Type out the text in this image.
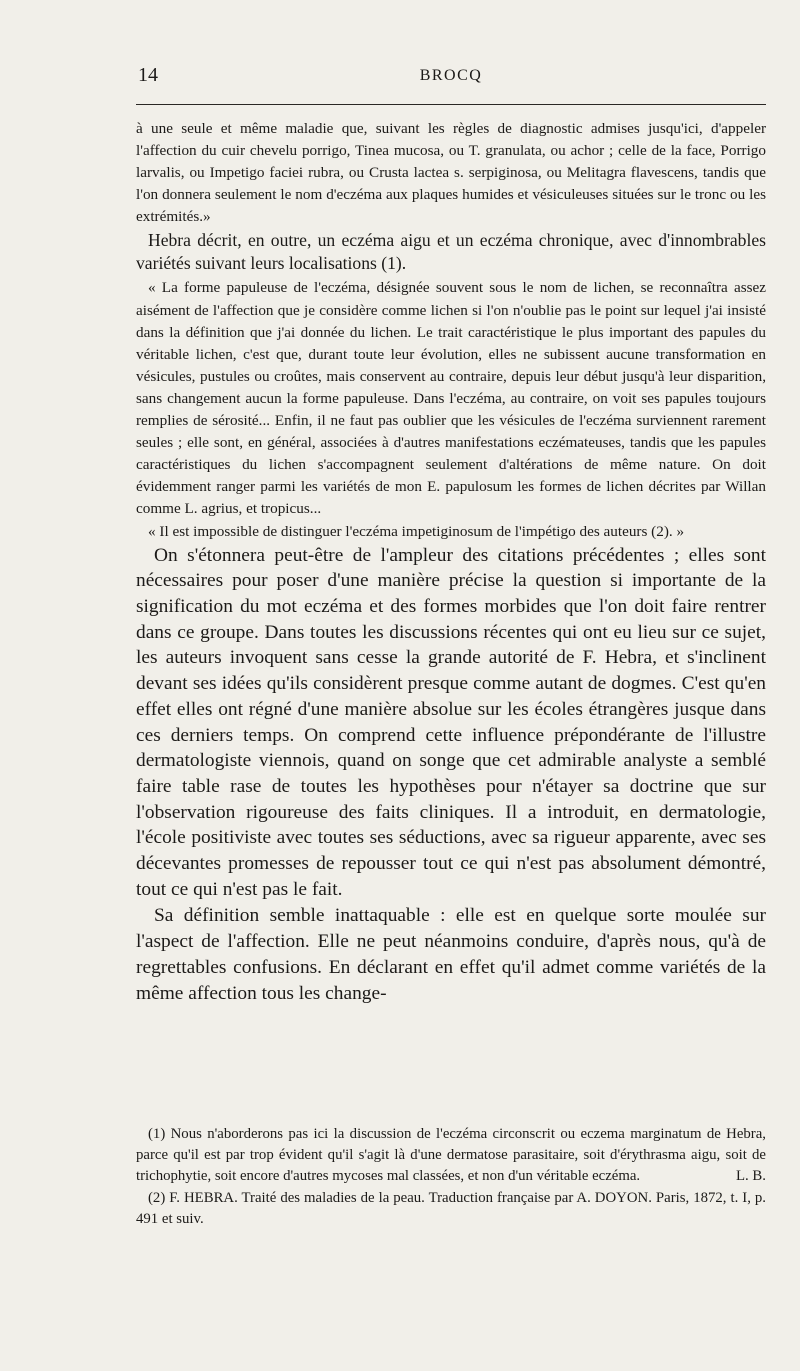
14	BROCQ

à une seule et même maladie que, suivant les règles de diagnostic admises jusqu'ici, d'appeler l'affection du cuir chevelu porrigo, Tinea mucosa, ou T. granulata, ou achor ; celle de la face, Porrigo larvalis, ou Impetigo faciei rubra, ou Crusta lactea s. serpiginosa, ou Melitagra flavescens, tandis que l'on donnera seulement le nom d'eczéma aux plaques humides et vésiculeuses situées sur le tronc ou les extrémités.»

Hebra décrit, en outre, un eczéma aigu et un eczéma chronique, avec d'innombrables variétés suivant leurs localisations (1).

« La forme papuleuse de l'eczéma, désignée souvent sous le nom de lichen, se reconnaîtra assez aisément de l'affection que je considère comme lichen si l'on n'oublie pas le point sur lequel j'ai insisté dans la définition que j'ai donnée du lichen. Le trait caractéristique le plus important des papules du véritable lichen, c'est que, durant toute leur évolution, elles ne subissent aucune transformation en vésicules, pustules ou croûtes, mais conservent au contraire, depuis leur début jusqu'à leur disparition, sans changement aucun la forme papuleuse. Dans l'eczéma, au contraire, on voit ses papules toujours remplies de sérosité... Enfin, il ne faut pas oublier que les vésicules de l'eczéma surviennent rarement seules ; elle sont, en général, associées à d'autres manifestations eczémateuses, tandis que les papules caractéristiques du lichen s'accompagnent seulement d'altérations de même nature. On doit évidemment ranger parmi les variétés de mon E. papulosum les formes de lichen décrites par Willan comme L. agrius, et tropicus...

« Il est impossible de distinguer l'eczéma impetiginosum de l'impétigo des auteurs (2). »

On s'étonnera peut-être de l'ampleur des citations précédentes ; elles sont nécessaires pour poser d'une manière précise la question si importante de la signification du mot eczéma et des formes morbides que l'on doit faire rentrer dans ce groupe. Dans toutes les discussions récentes qui ont eu lieu sur ce sujet, les auteurs invoquent sans cesse la grande autorité de F. Hebra, et s'inclinent devant ses idées qu'ils considèrent presque comme autant de dogmes. C'est qu'en effet elles ont régné d'une manière absolue sur les écoles étrangères jusque dans ces derniers temps. On comprend cette influence prépondérante de l'illustre dermatologiste viennois, quand on songe que cet admirable analyste a semblé faire table rase de toutes les hypothèses pour n'étayer sa doctrine que sur l'observation rigoureuse des faits cliniques. Il a introduit, en dermatologie, l'école positiviste avec toutes ses séductions, avec sa rigueur apparente, avec ses décevantes promesses de repousser tout ce qui n'est pas absolument démontré, tout ce qui n'est pas le fait.

Sa définition semble inattaquable : elle est en quelque sorte moulée sur l'aspect de l'affection. Elle ne peut néanmoins conduire, d'après nous, qu'à de regrettables confusions. En déclarant en effet qu'il admet comme variétés de la même affection tous les change-

(1) Nous n'aborderons pas ici la discussion de l'eczéma circonscrit ou eczema marginatum de Hebra, parce qu'il est par trop évident qu'il s'agit là d'une dermatose parasitaire, soit d'érythrasma aigu, soit de trichophytie, soit encore d'autres mycoses mal classées, et non d'un véritable eczéma.	L. B.

(2) F. HEBRA. Traité des maladies de la peau. Traduction française par A. DOYON. Paris, 1872, t. I, p. 491 et suiv.
